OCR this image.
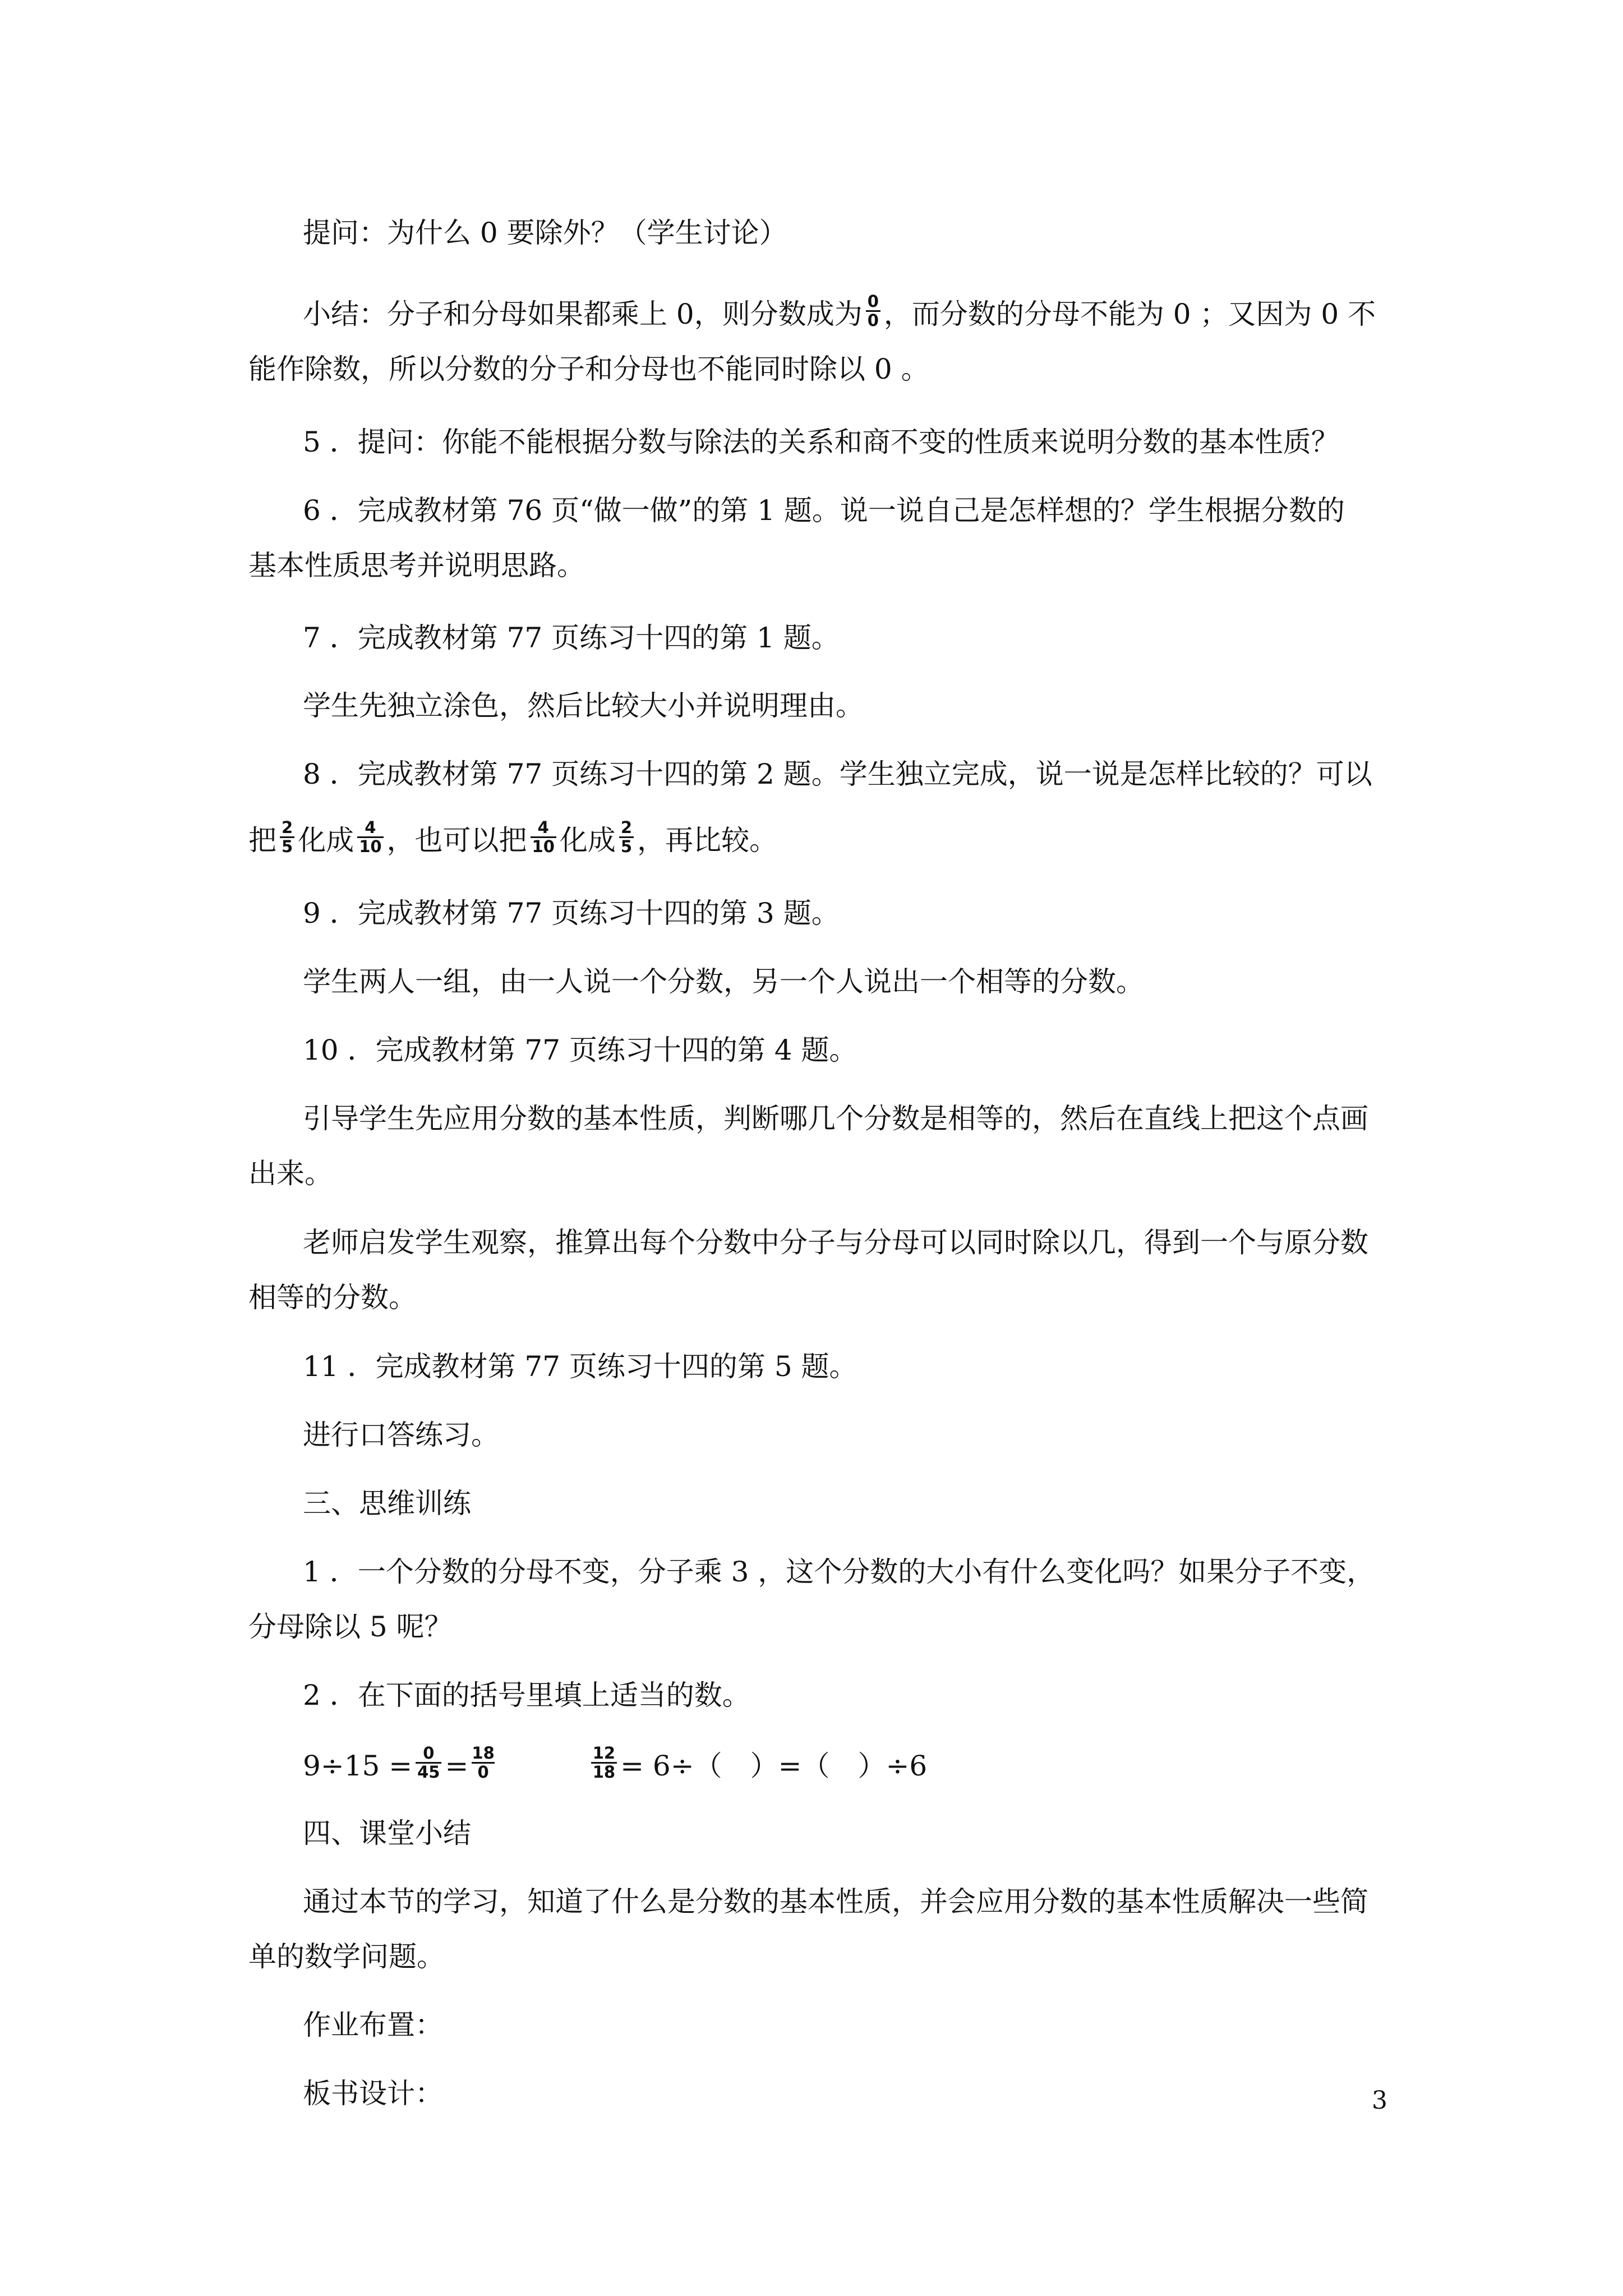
提问：为什么 0 要除外？（学生讨论）
小结：分子和分母如果都乘上 0，则分数成为 $\frac{0}{0}$ ，而分数的分母不能为 0 ；又因为 0 不
能作除数，所以分数的分子和分母也不能同时除以 0 。
5 ．提问：你能不能根据分数与除法的关系和商不变的性质来说明分数的基本性质？
6 ．完成教材第 76 页“做一做”的第 1 题。说一说自己是怎样想的？学生根据分数的
基本性质思考并说明思路。
7 ．完成教材第 77 页练习十四的第 1 题。
学生先独立涂色，然后比较大小并说明理由。
8 ．完成教材第 77 页练习十四的第 2 题。学生独立完成，说一说是怎样比较的？可以
把 $\frac{2}{5}$ 化成 $\frac{4}{10}$ ，也可以把 $\frac{4}{10}$ 化成 $\frac{2}{5}$ ，再比较。
9 ．完成教材第 77 页练习十四的第 3 题。
学生两人一组，由一人说一个分数，另一个人说出一个相等的分数。
10 ．完成教材第 77 页练习十四的第 4 题。
引导学生先应用分数的基本性质，判断哪几个分数是相等的，然后在直线上把这个点画
出来。
老师启发学生观察，推算出每个分数中分子与分母可以同时除以几，得到一个与原分数
相等的分数。
11 ．完成教材第 77 页练习十四的第 5 题。
进行口答练习。
三、思维训练
1 ．一个分数的分母不变，分子乘 3 ，这个分数的大小有什么变化吗？如果分子不变，
分母除以 5 呢？
2 ．在下面的括号里填上适当的数。
$9\div 15 = \frac{0}{45} = \frac{18}{0}$	$\frac{12}{18} = 6\div$（　）=（　）÷6
四、课堂小结
通过本节的学习，知道了什么是分数的基本性质，并会应用分数的基本性质解决一些简
单的数学问题。
作业布置：
板书设计：	3
